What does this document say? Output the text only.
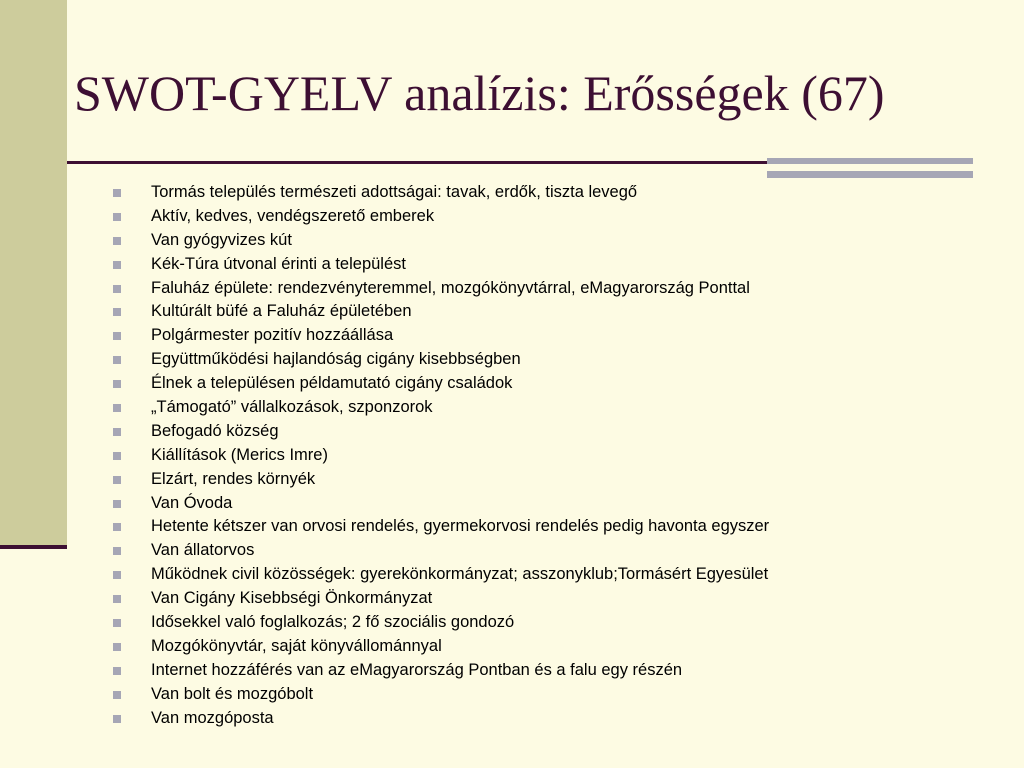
SWOT-GYELV analízis: Erősségek (67)
Tormás település természeti adottságai: tavak, erdők, tiszta levegő
Aktív, kedves, vendégszerető emberek
Van gyógyvizes kút
Kék-Túra útvonal érinti a települést
Faluház épülete: rendezvényteremmel, mozgókönyvtárral, eMagyarország Ponttal
Kultúrált büfé a Faluház épületében
Polgármester pozitív hozzáállása
Együttműködési hajlandóság cigány kisebbségben
Élnek a településen példamutató cigány családok
„Támogató” vállalkozások, szponzorok
Befogadó község
Kiállítások (Merics Imre)
Elzárt, rendes környék
Van Óvoda
Hetente kétszer van orvosi rendelés, gyermekorvosi rendelés pedig havonta egyszer
Van állatorvos
Működnek civil közösségek: gyerekönkormányzat; asszonyklub;Tormásért Egyesület
Van Cigány Kisebbségi Önkormányzat
Idősekkel való foglalkozás; 2 fő szociális gondozó
Mozgókönyvtár, saját könyvállománnyal
Internet hozzáférés van az eMagyarország Pontban és a falu egy részén
Van bolt és mozgóbolt
Van mozgóposta
